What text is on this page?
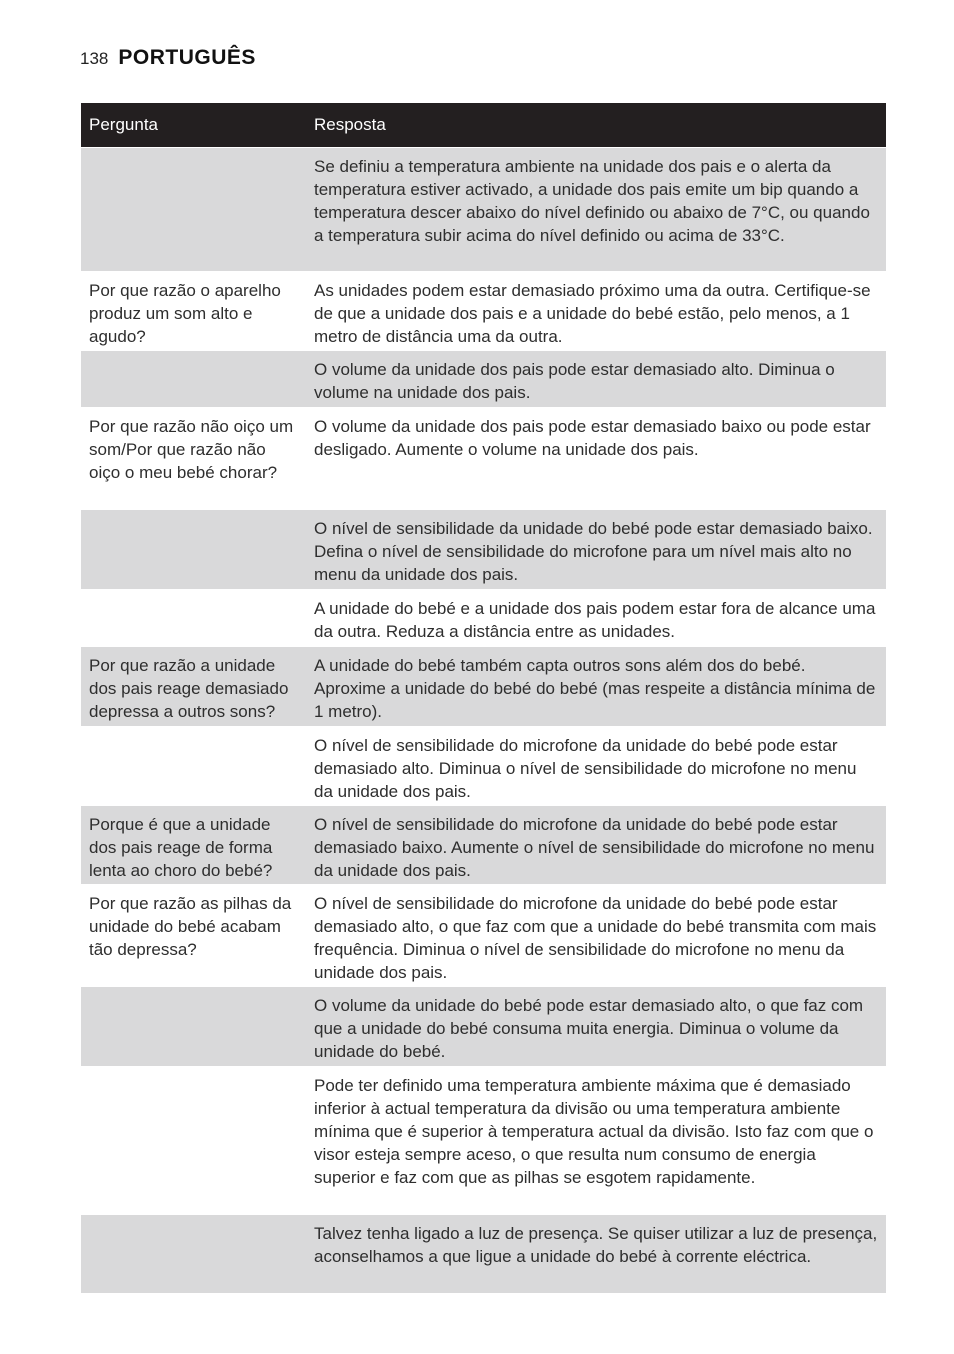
138 PORTUGUÊS
Pergunta	Resposta
Se definiu a temperatura ambiente na unidade dos pais e o alerta da temperatura estiver activado, a unidade dos pais emite um bip quando a temperatura descer abaixo do nível definido ou abaixo de 7°C, ou quando a temperatura subir acima do nível definido ou acima de 33°C.
Por que razão o aparelho produz um som alto e agudo?
As unidades podem estar demasiado próximo uma da outra. Certifique-se de que a unidade dos pais e a unidade do bebé estão, pelo menos, a 1 metro de distância uma da outra.
O volume da unidade dos pais pode estar demasiado alto. Diminua o volume na unidade dos pais.
Por que razão não oiço um som/Por que razão não oiço o meu bebé chorar?
O volume da unidade dos pais pode estar demasiado baixo ou pode estar desligado. Aumente o volume na unidade dos pais.
O nível de sensibilidade da unidade do bebé pode estar demasiado baixo. Defina o nível de sensibilidade do microfone para um nível mais alto no menu da unidade dos pais.
A unidade do bebé e a unidade dos pais podem estar fora de alcance uma da outra. Reduza a distância entre as unidades.
Por que razão a unidade dos pais reage demasiado depressa a outros sons?
A unidade do bebé também capta outros sons além dos do bebé. Aproxime a unidade do bebé do bebé (mas respeite a distância mínima de 1 metro).
O nível de sensibilidade do microfone da unidade do bebé pode estar demasiado alto. Diminua o nível de sensibilidade do microfone no menu da unidade dos pais.
Porque é que a unidade dos pais reage de forma lenta ao choro do bebé?
O nível de sensibilidade do microfone da unidade do bebé pode estar demasiado baixo. Aumente o nível de sensibilidade do microfone no menu da unidade dos pais.
Por que razão as pilhas da unidade do bebé acabam tão depressa?
O nível de sensibilidade do microfone da unidade do bebé pode estar demasiado alto, o que faz com que a unidade do bebé transmita com mais frequência. Diminua o nível de sensibilidade do microfone no menu da unidade dos pais.
O volume da unidade do bebé pode estar demasiado alto, o que faz com que a unidade do bebé consuma muita energia. Diminua o volume da unidade do bebé.
Pode ter definido uma temperatura ambiente máxima que é demasiado inferior à actual temperatura da divisão ou uma temperatura ambiente mínima que é superior à temperatura actual da divisão. Isto faz com que o visor esteja sempre aceso, o que resulta num consumo de energia superior e faz com que as pilhas se esgotem rapidamente.
Talvez tenha ligado a luz de presença. Se quiser utilizar a luz de presença, aconselhamos a que ligue a unidade do bebé à corrente eléctrica.
